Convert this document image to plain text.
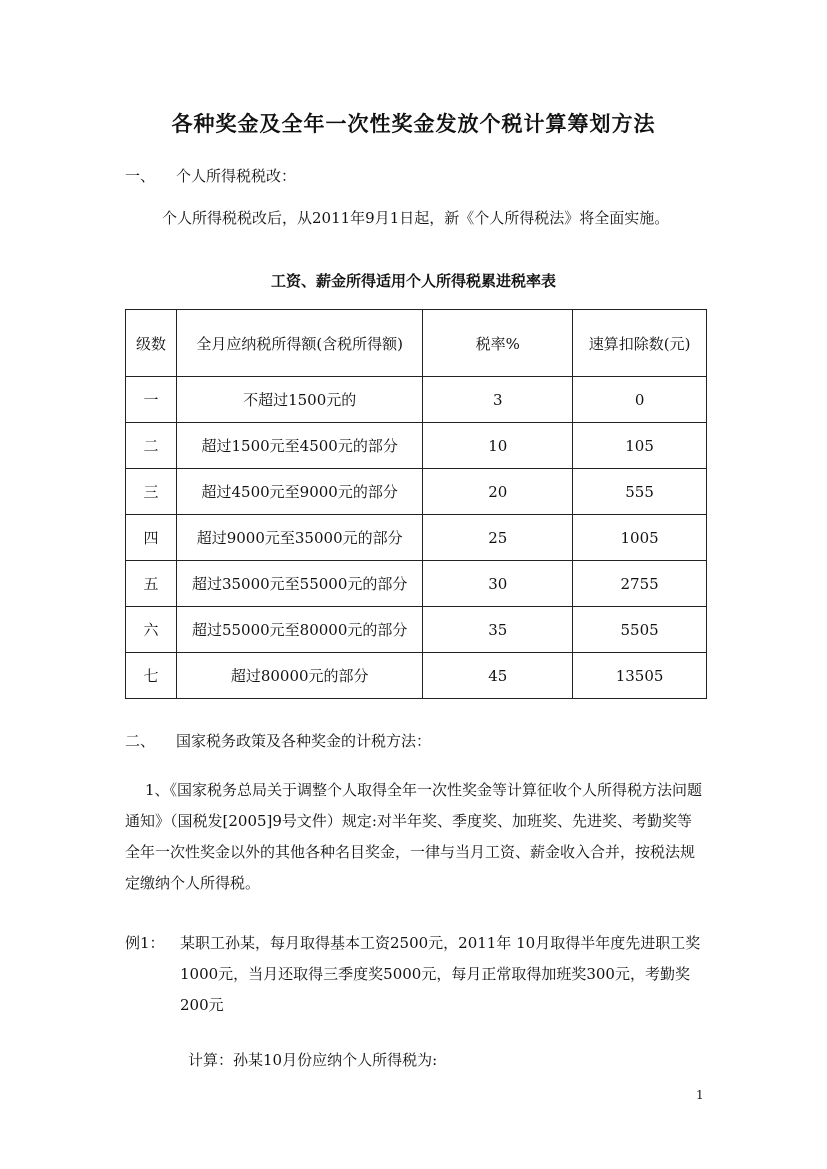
各种奖金及全年一次性奖金发放个税计算筹划方法
一、 个人所得税税改：
个人所得税税改后，从2011年9月1日起，新《个人所得税法》将全面实施。
工资、薪金所得适用个人所得税累进税率表
级数	全月应纳税所得额(含税所得额)	税率%	速算扣除数(元)
一	不超过1500元的	3	0
二	超过1500元至4500元的部分	10	105
三	超过4500元至9000元的部分	20	555
四	超过9000元至35000元的部分	25	1005
五	超过35000元至55000元的部分	30	2755
六	超过55000元至80000元的部分	35	5505
七	超过80000元的部分	45	13505
二、 国家税务政策及各种奖金的计税方法：
1、《国家税务总局关于调整个人取得全年一次性奖金等计算征收个人所得税方法问题通知》（国税发[2005]9号文件）规定:对半年奖、季度奖、加班奖、先进奖、考勤奖等全年一次性奖金以外的其他各种名目奖金，一律与当月工资、薪金收入合并，按税法规定缴纳个人所得税。
例1： 某职工孙某，每月取得基本工资2500元，2011年 10月取得半年度先进职工奖1000元，当月还取得三季度奖5000元，每月正常取得加班奖300元，考勤奖200元
计算：孙某10月份应纳个人所得税为:
1
